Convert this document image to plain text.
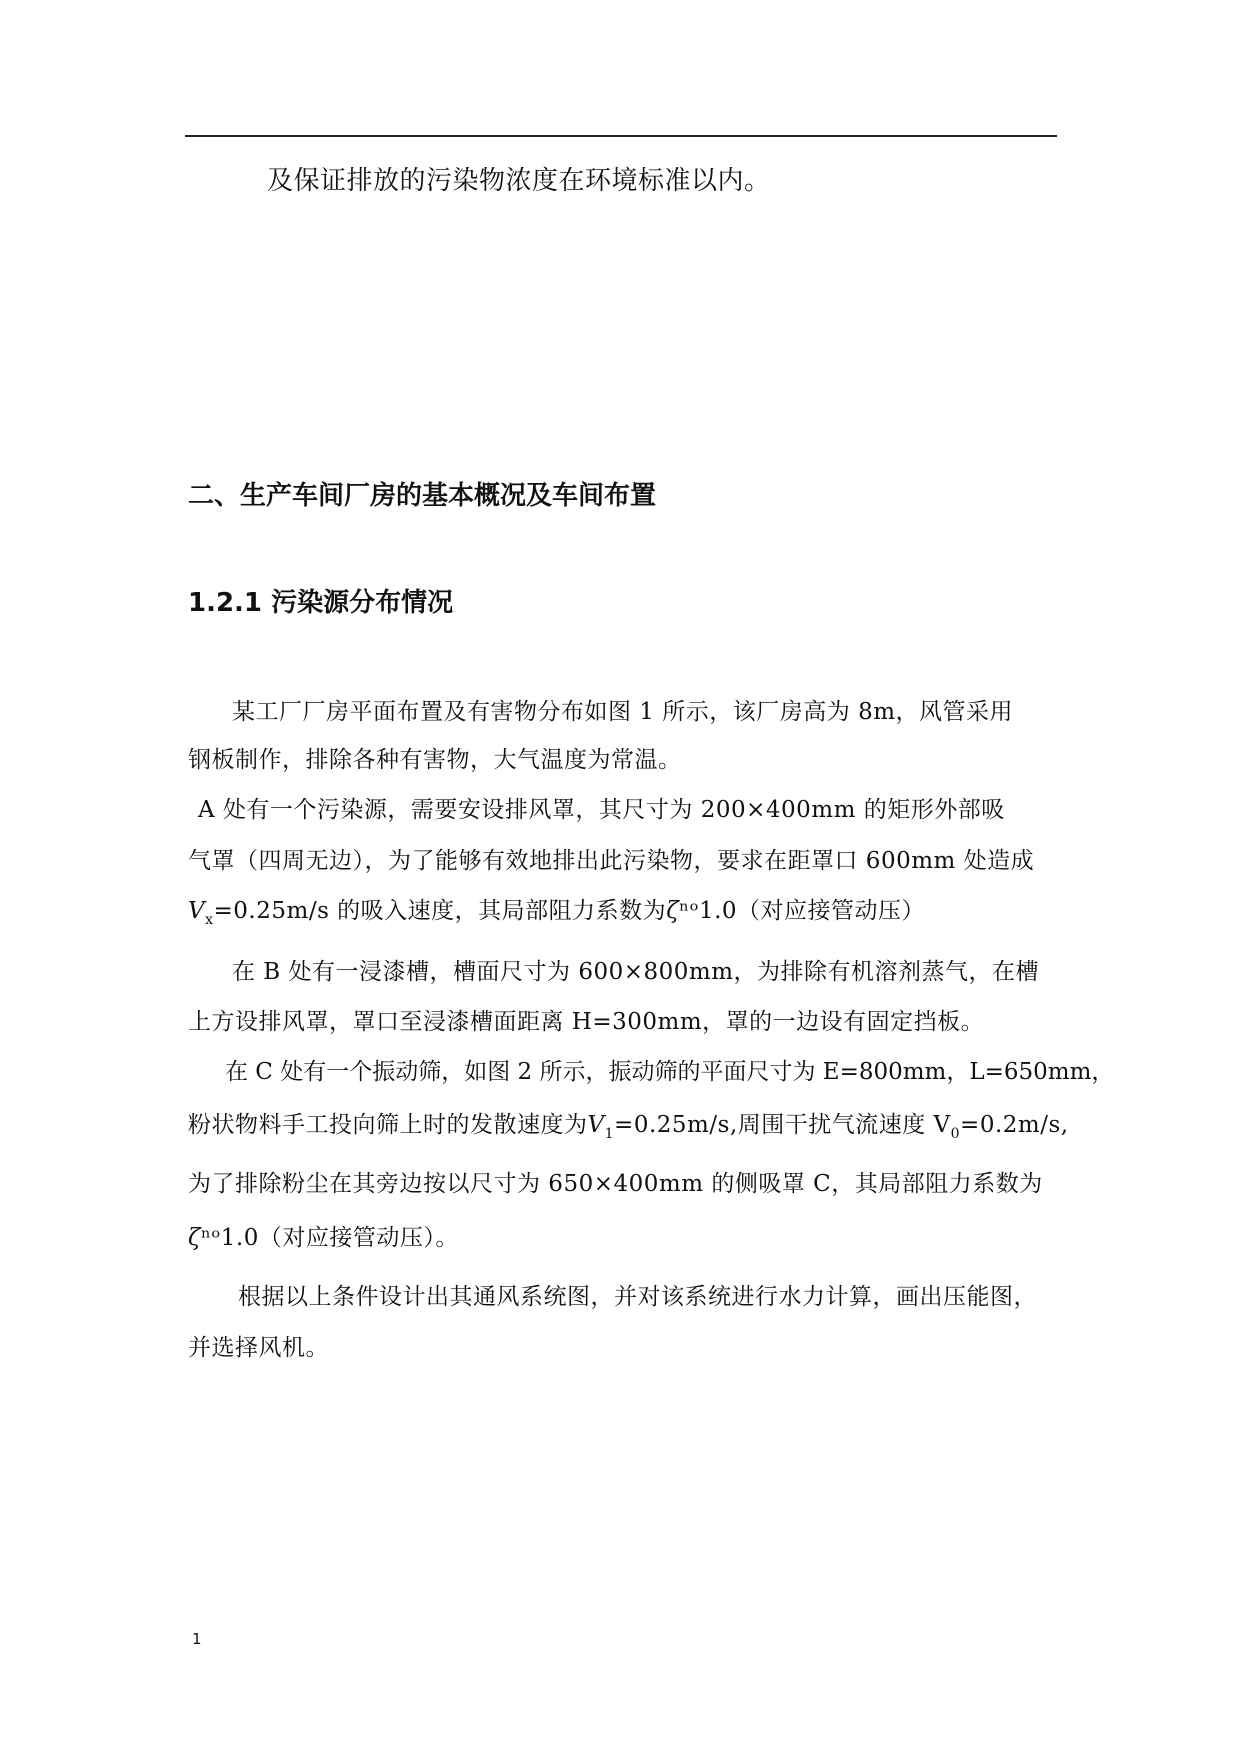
及保证排放的污染物浓度在环境标准以内。
二、生产车间厂房的基本概况及车间布置
1.2.1 污染源分布情况
某工厂厂房平面布置及有害物分布如图 1 所示，该厂房高为 8m，风管采用
钢板制作，排除各种有害物，大气温度为常温。
A 处有一个污染源，需要安设排风罩，其尺寸为 200×400mm 的矩形外部吸
气罩（四周无边），为了能够有效地排出此污染物，要求在距罩口 600mm 处造成
$V_x=0.25m/s$ 的吸入速度，其局部阻力系数为ζⁿᵒ1.0（对应接管动压）
在 B 处有一浸漆槽，槽面尺寸为 600×800mm，为排除有机溶剂蒸气，在槽
上方设排风罩，罩口至浸漆槽面距离 H=300mm，罩的一边设有固定挡板。
在 C 处有一个振动筛，如图 2 所示，振动筛的平面尺寸为 E=800mm，L=650mm，
粉状物料手工投向筛上时的发散速度为$V_1=0.25m/s$,周围干扰气流速度 $V_0=0.2m/s$,
为了排除粉尘在其旁边按以尺寸为 650×400mm 的侧吸罩 C，其局部阻力系数为
ζⁿᵒ1.0（对应接管动压）。
根据以上条件设计出其通风系统图，并对该系统进行水力计算，画出压能图，
并选择风机。
1
